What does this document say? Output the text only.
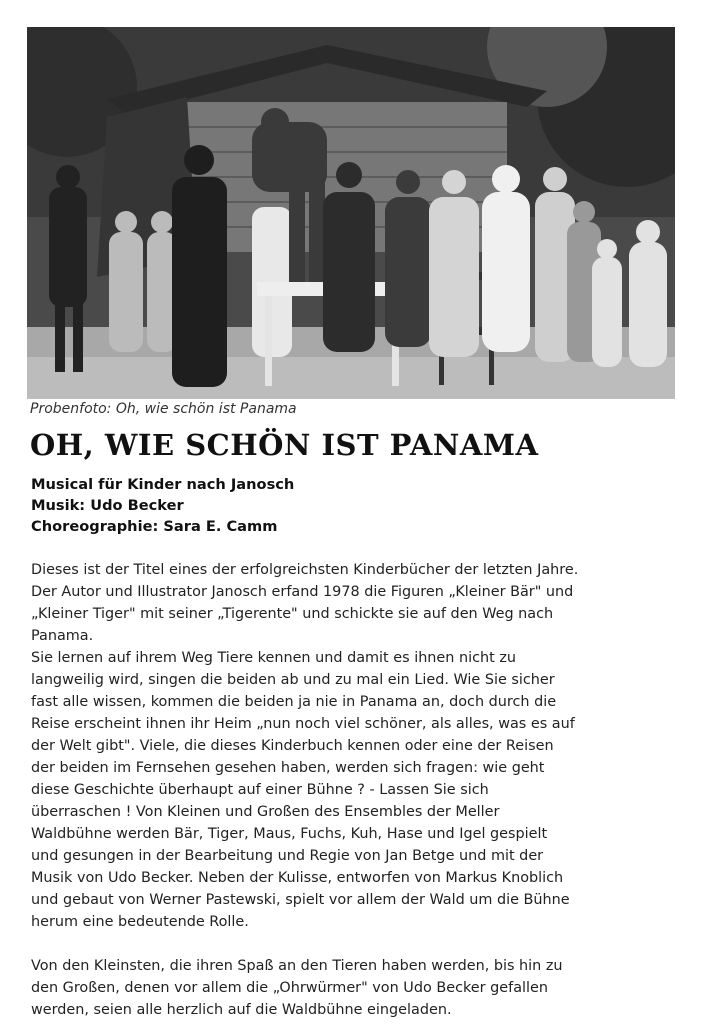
Probenfoto: Oh, wie schön ist Panama
OH, WIE SCHÖN IST PANAMA
Musical für Kinder nach Janosch
Musik: Udo Becker
Choreographie: Sara E. Camm

Dieses ist der Titel eines der erfolgreichsten Kinderbücher der letzten Jahre.
Der Autor und Illustrator Janosch erfand 1978 die Figuren „Kleiner Bär" und
„Kleiner Tiger" mit seiner „Tigerente" und schickte sie auf den Weg nach
Panama.
Sie lernen auf ihrem Weg Tiere kennen und damit es ihnen nicht zu
langweilig wird, singen die beiden ab und zu mal ein Lied. Wie Sie sicher
fast alle wissen, kommen die beiden ja nie in Panama an, doch durch die
Reise erscheint ihnen ihr Heim „nun noch viel schöner, als alles, was es auf
der Welt gibt". Viele, die dieses Kinderbuch kennen oder eine der Reisen
der beiden im Fernsehen gesehen haben, werden sich fragen: wie geht
diese Geschichte überhaupt auf einer Bühne ? - Lassen Sie sich
überraschen ! Von Kleinen und Großen des Ensembles der Meller
Waldbühne werden Bär, Tiger, Maus, Fuchs, Kuh, Hase und Igel gespielt
und gesungen in der Bearbeitung und Regie von Jan Betge und mit der
Musik von Udo Becker. Neben der Kulisse, entworfen von Markus Knoblich
und gebaut von Werner Pastewski, spielt vor allem der Wald um die Bühne
herum eine bedeutende Rolle.

Von den Kleinsten, die ihren Spaß an den Tieren haben werden, bis hin zu
den Großen, denen vor allem die „Ohrwürmer" von Udo Becker gefallen
werden, seien alle herzlich auf die Waldbühne eingeladen.
